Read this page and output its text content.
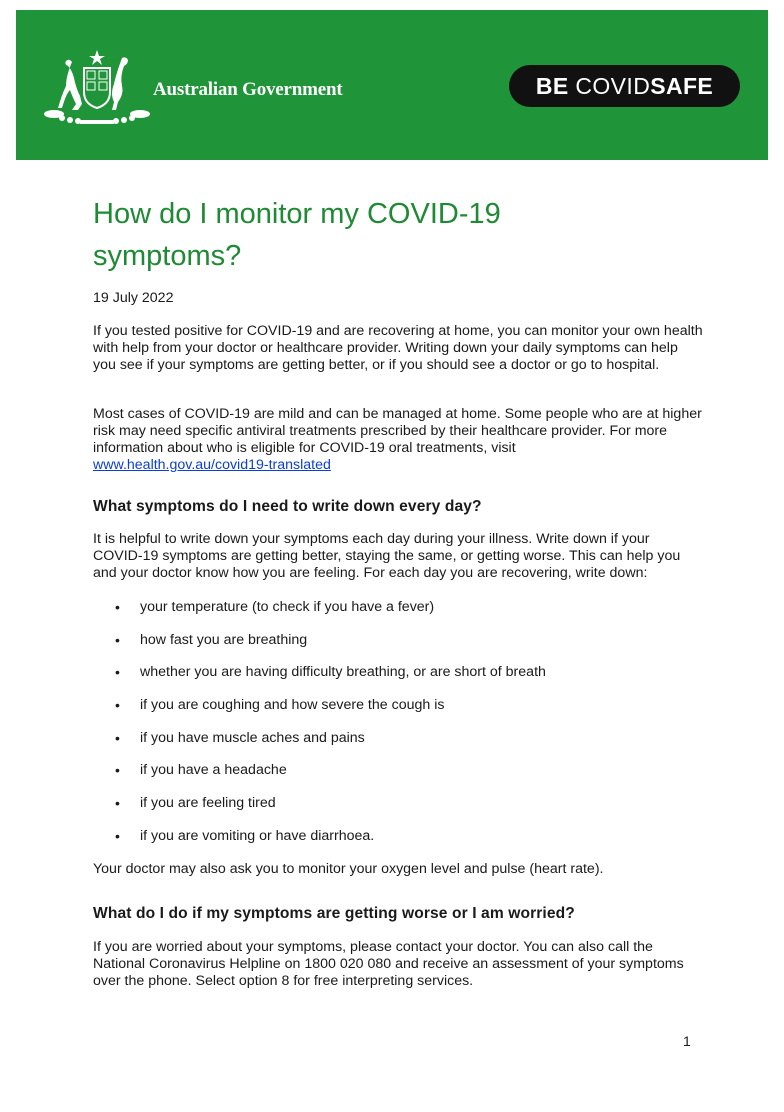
Australian Government	BE COVIDSAFE
How do I monitor my COVID-19 symptoms?
19 July 2022

If you tested positive for COVID-19 and are recovering at home, you can monitor your own health with help from your doctor or healthcare provider. Writing down your daily symptoms can help you see if your symptoms are getting better, or if you should see a doctor or go to hospital.

Most cases of COVID-19 are mild and can be managed at home. Some people who are at higher risk may need specific antiviral treatments prescribed by their healthcare provider. For more information about who is eligible for COVID-19 oral treatments, visit
www.health.gov.au/covid19-translated

What symptoms do I need to write down every day?

It is helpful to write down your symptoms each day during your illness. Write down if your COVID-19 symptoms are getting better, staying the same, or getting worse. This can help you and your doctor know how you are feeling. For each day you are recovering, write down:

• your temperature (to check if you have a fever)
• how fast you are breathing
• whether you are having difficulty breathing, or are short of breath
• if you are coughing and how severe the cough is
• if you have muscle aches and pains
• if you have a headache
• if you are feeling tired
• if you are vomiting or have diarrhoea.

Your doctor may also ask you to monitor your oxygen level and pulse (heart rate).

What do I do if my symptoms are getting worse or I am worried?

If you are worried about your symptoms, please contact your doctor. You can also call the National Coronavirus Helpline on 1800 020 080 and receive an assessment of your symptoms over the phone. Select option 8 for free interpreting services.

1
